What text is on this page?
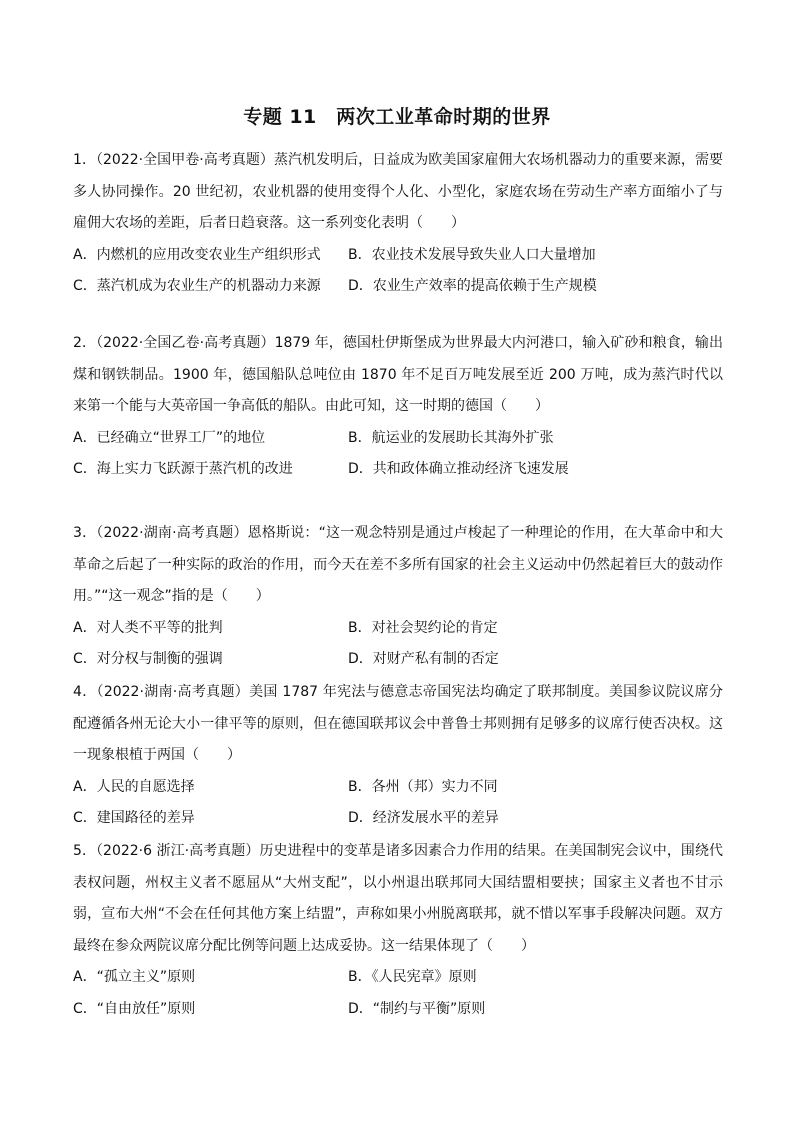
专题 11　两次工业革命时期的世界

1．（2022·全国甲卷·高考真题）蒸汽机发明后，日益成为欧美国家雇佣大农场机器动力的重要来源，需要多人协同操作。20 世纪初，农业机器的使用变得个人化、小型化，家庭农场在劳动生产率方面缩小了与雇佣大农场的差距，后者日趋衰落。这一系列变化表明（　　）

A．内燃机的应用改变农业生产组织形式 B．农业技术发展导致失业人口大量增加
C．蒸汽机成为农业生产的机器动力来源 D．农业生产效率的提高依赖于生产规模

2．（2022·全国乙卷·高考真题）1879 年，德国杜伊斯堡成为世界最大内河港口，输入矿砂和粮食，输出煤和钢铁制品。1900 年，德国船队总吨位由 1870 年不足百万吨发展至近 200 万吨，成为蒸汽时代以来第一个能与大英帝国一争高低的船队。由此可知，这一时期的德国（　　）

A．已经确立“世界工厂”的地位	B．航运业的发展助长其海外扩张
C．海上实力飞跃源于蒸汽机的改进	D．共和政体确立推动经济飞速发展

3．（2022·湖南·高考真题）恩格斯说：“这一观念特别是通过卢梭起了一种理论的作用，在大革命中和大革命之后起了一种实际的政治的作用，而今天在差不多所有国家的社会主义运动中仍然起着巨大的鼓动作用。”“这一观念”指的是（　　）

A．对人类不平等的批判	B．对社会契约论的肯定
C．对分权与制衡的强调	D．对财产私有制的否定

4．（2022·湖南·高考真题）美国 1787 年宪法与德意志帝国宪法均确定了联邦制度。美国参议院议席分配遵循各州无论大小一律平等的原则，但在德国联邦议会中普鲁士邦则拥有足够多的议席行使否决权。这一现象根植于两国（　　）

A．人民的自愿选择	B．各州（邦）实力不同
C．建国路径的差异	D．经济发展水平的差异

5．（2022·6 浙江·高考真题）历史进程中的变革是诸多因素合力作用的结果。在美国制宪会议中，围绕代表权问题，州权主义者不愿屈从“大州支配”，以小州退出联邦同大国结盟相要挟；国家主义者也不甘示弱，宣布大州“不会在任何其他方案上结盟”，声称如果小州脱离联邦，就不惜以军事手段解决问题。双方最终在参众两院议席分配比例等问题上达成妥协。这一结果体现了（　　）

A．“孤立主义”原则	B．《人民宪章》原则
C．“自由放任”原则	D．“制约与平衡”原则
